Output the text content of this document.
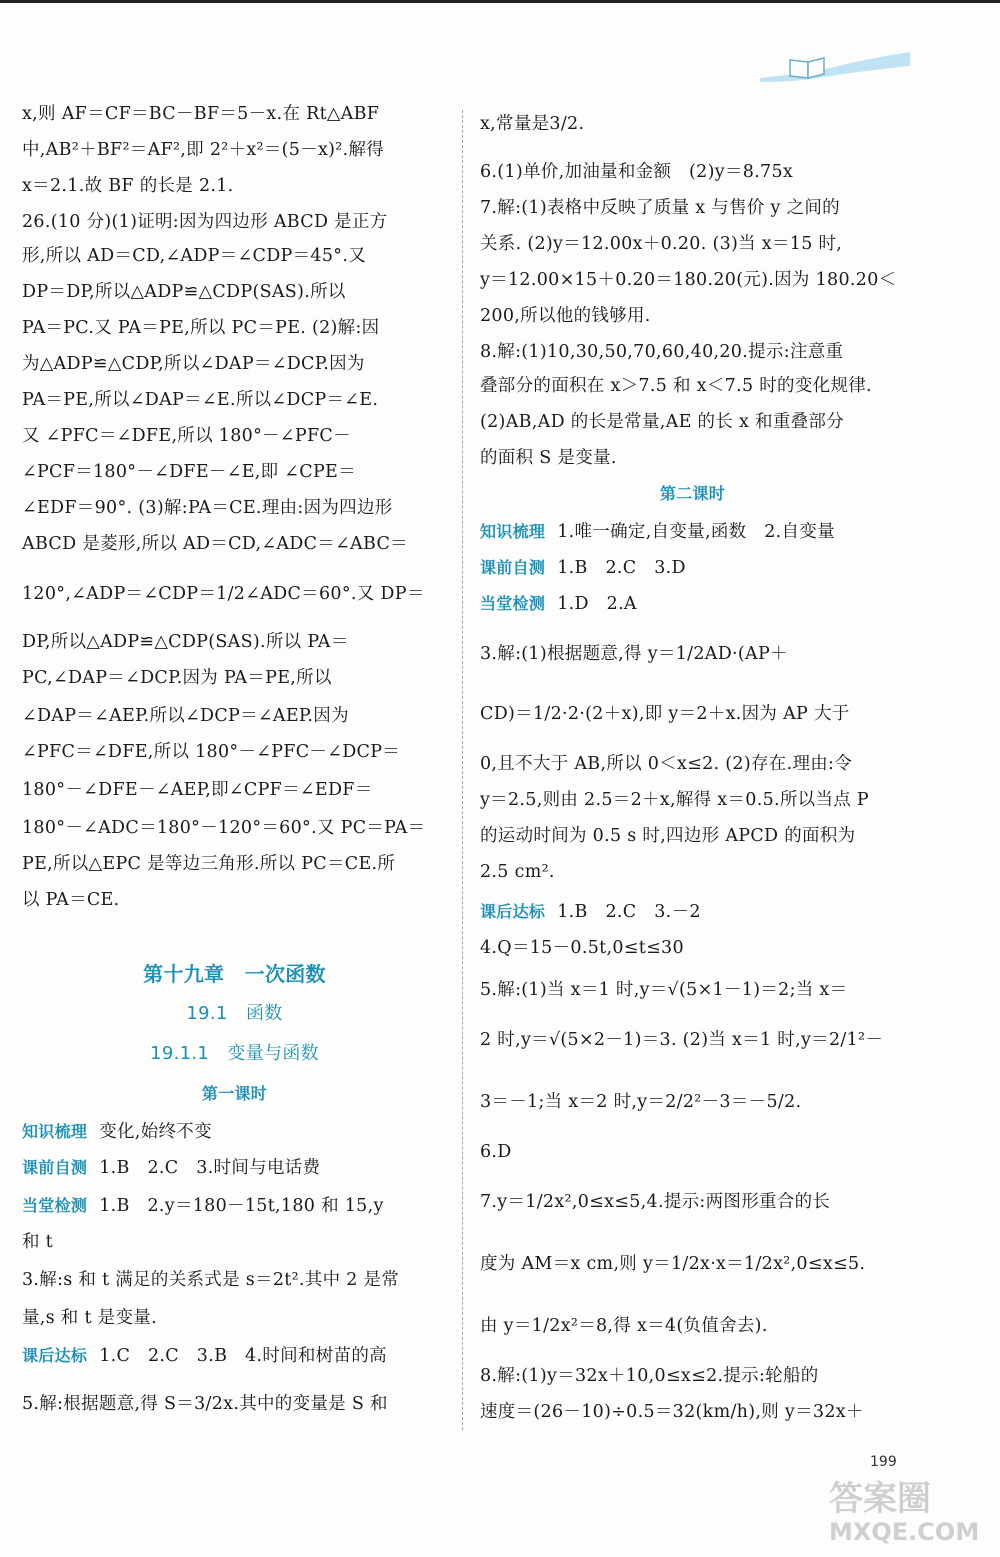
x,则 AF＝CF＝BC－BF＝5－x.在 Rt△ABF
中,AB²＋BF²＝AF²,即 2²＋x²＝(5－x)².解得
x＝2.1.故 BF 的长是 2.1.
26.(10 分)(1)证明:因为四边形 ABCD 是正方
形,所以 AD＝CD,∠ADP＝∠CDP＝45°.又
DP＝DP,所以△ADP≌△CDP(SAS).所以
PA＝PC.又 PA＝PE,所以 PC＝PE. (2)解:因
为△ADP≌△CDP,所以∠DAP＝∠DCP.因为
PA＝PE,所以∠DAP＝∠E.所以∠DCP＝∠E.
又 ∠PFC＝∠DFE,所以 180°－∠PFC－
∠PCF＝180°－∠DFE－∠E,即 ∠CPE＝
∠EDF＝90°. (3)解:PA＝CE.理由:因为四边形
ABCD 是菱形,所以 AD＝CD,∠ADC＝∠ABC＝
120°,∠ADP＝∠CDP＝1/2∠ADC＝60°.又 DP＝
DP,所以△ADP≌△CDP(SAS).所以 PA＝
PC,∠DAP＝∠DCP.因为 PA＝PE,所以
∠DAP＝∠AEP.所以∠DCP＝∠AEP.因为
∠PFC＝∠DFE,所以 180°－∠PFC－∠DCP＝
180°－∠DFE－∠AEP,即∠CPF＝∠EDF＝
180°－∠ADC＝180°－120°＝60°.又 PC＝PA＝
PE,所以△EPC 是等边三角形.所以 PC＝CE.所
以 PA＝CE.
第十九章　一次函数
19.1　函数
19.1.1　变量与函数
第一课时
知识梳理 变化,始终不变
课前自测 1.B　2.C　3.时间与电话费
当堂检测 1.B　2.y＝180－15t,180 和 15,y
和 t
3.解:s 和 t 满足的关系式是 s＝2t².其中 2 是常
量,s 和 t 是变量.
课后达标 1.C　2.C　3.B　4.时间和树苗的高
5.解:根据题意,得 S＝3/2x.其中的变量是 S 和
x,常量是3/2.
6.(1)单价,加油量和金额　(2)y＝8.75x
7.解:(1)表格中反映了质量 x 与售价 y 之间的
关系. (2)y＝12.00x＋0.20. (3)当 x＝15 时,
y＝12.00×15＋0.20＝180.20(元).因为 180.20＜
200,所以他的钱够用.
8.解:(1)10,30,50,70,60,40,20.提示:注意重
叠部分的面积在 x＞7.5 和 x＜7.5 时的变化规律.
(2)AB,AD 的长是常量,AE 的长 x 和重叠部分
的面积 S 是变量.
第二课时
知识梳理 1.唯一确定,自变量,函数　2.自变量
课前自测 1.B　2.C　3.D
当堂检测 1.D　2.A
3.解:(1)根据题意,得 y＝1/2AD·(AP＋
CD)＝1/2·2·(2＋x),即 y＝2＋x.因为 AP 大于
0,且不大于 AB,所以 0＜x≤2. (2)存在.理由:令
y＝2.5,则由 2.5＝2＋x,解得 x＝0.5.所以当点 P
的运动时间为 0.5 s 时,四边形 APCD 的面积为
2.5 cm².
课后达标 1.B　2.C　3.－2
4.Q＝15－0.5t,0≤t≤30
5.解:(1)当 x＝1 时,y＝√(5×1－1)＝2;当 x＝
2 时,y＝√(5×2－1)＝3. (2)当 x＝1 时,y＝2/1²－
3＝－1;当 x＝2 时,y＝2/2²－3＝－5/2.
6.D
7.y＝1/2x²,0≤x≤5,4.提示:两图形重合的长
度为 AM＝x cm,则 y＝1/2x·x＝1/2x²,0≤x≤5.
由 y＝1/2x²＝8,得 x＝4(负值舍去).
8.解:(1)y＝32x＋10,0≤x≤2.提示:轮船的
速度＝(26－10)÷0.5＝32(km/h),则 y＝32x＋
199
答案圈
MXQE.COM
